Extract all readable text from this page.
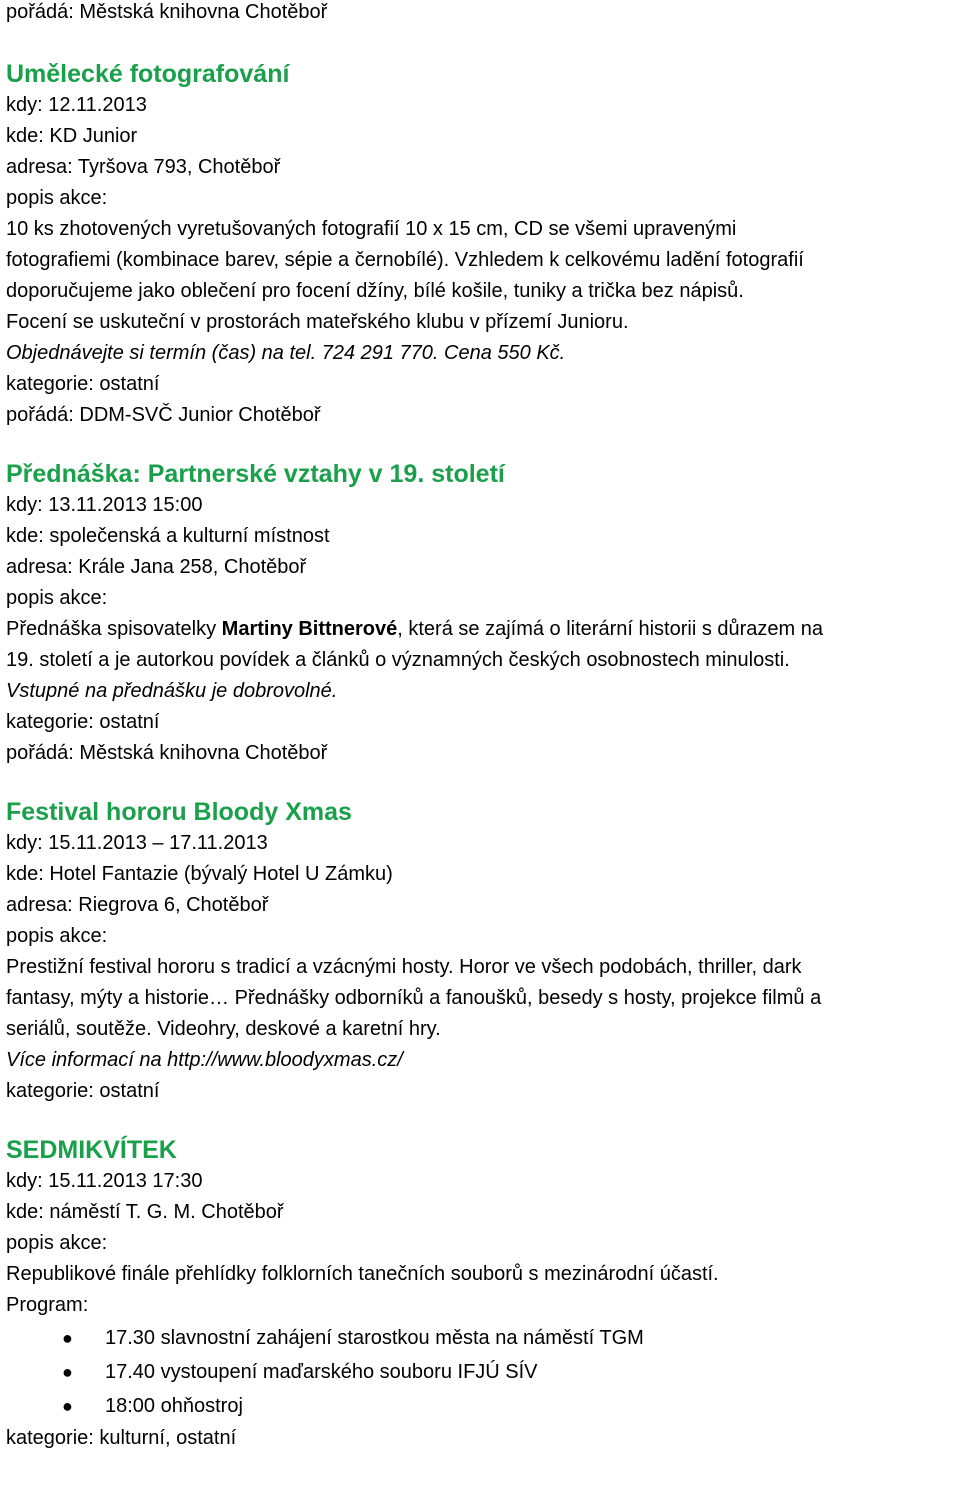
pořádá: Městská knihovna Chotěboř
Umělecké fotografování
kdy: 12.11.2013
kde: KD Junior
adresa: Tyršova 793, Chotěboř
popis akce:
10 ks zhotovených vyretušovaných fotografií 10 x 15 cm, CD se všemi upravenými
fotografiemi (kombinace barev, sépie a černobílé). Vzhledem k celkovému ladění fotografií
doporučujeme jako oblečení pro focení džíny, bílé košile, tuniky a trička bez nápisů.
Focení se uskuteční v prostorách mateřského klubu v přízemí Junioru.
Objednávejte si termín (čas) na tel. 724 291 770. Cena 550 Kč.
kategorie: ostatní
pořádá: DDM-SVČ Junior Chotěboř
Přednáška: Partnerské vztahy v 19. století
kdy: 13.11.2013 15:00
kde: společenská a kulturní místnost
adresa: Krále Jana 258, Chotěboř
popis akce:
Přednáška spisovatelky Martiny Bittnerové, která se zajímá o literární historii s důrazem na
19. století a je autorkou povídek a článků o významných českých osobnostech minulosti.
Vstupné na přednášku je dobrovolné.
kategorie: ostatní
pořádá: Městská knihovna Chotěboř
Festival hororu Bloody Xmas
kdy: 15.11.2013 – 17.11.2013
kde: Hotel Fantazie (bývalý Hotel U Zámku)
adresa: Riegrova 6, Chotěboř
popis akce:
Prestižní festival hororu s tradicí a vzácnými hosty. Horor ve všech podobách, thriller, dark
fantasy, mýty a historie… Přednášky odborníků a fanoušků, besedy s hosty, projekce filmů a
seriálů, soutěže. Videohry, deskové a karetní hry.
Více informací na http://www.bloodyxmas.cz/
kategorie: ostatní
SEDMIKVÍTEK
kdy: 15.11.2013 17:30
kde: náměstí T. G. M. Chotěboř
popis akce:
Republikové finále přehlídky folklorních tanečních souborů s mezinárodní účastí.
Program:
● 17.30 slavnostní zahájení starostkou města na náměstí TGM
● 17.40 vystoupení maďarského souboru IFJÚ SÍV
● 18:00 ohňostroj
kategorie: kulturní, ostatní
